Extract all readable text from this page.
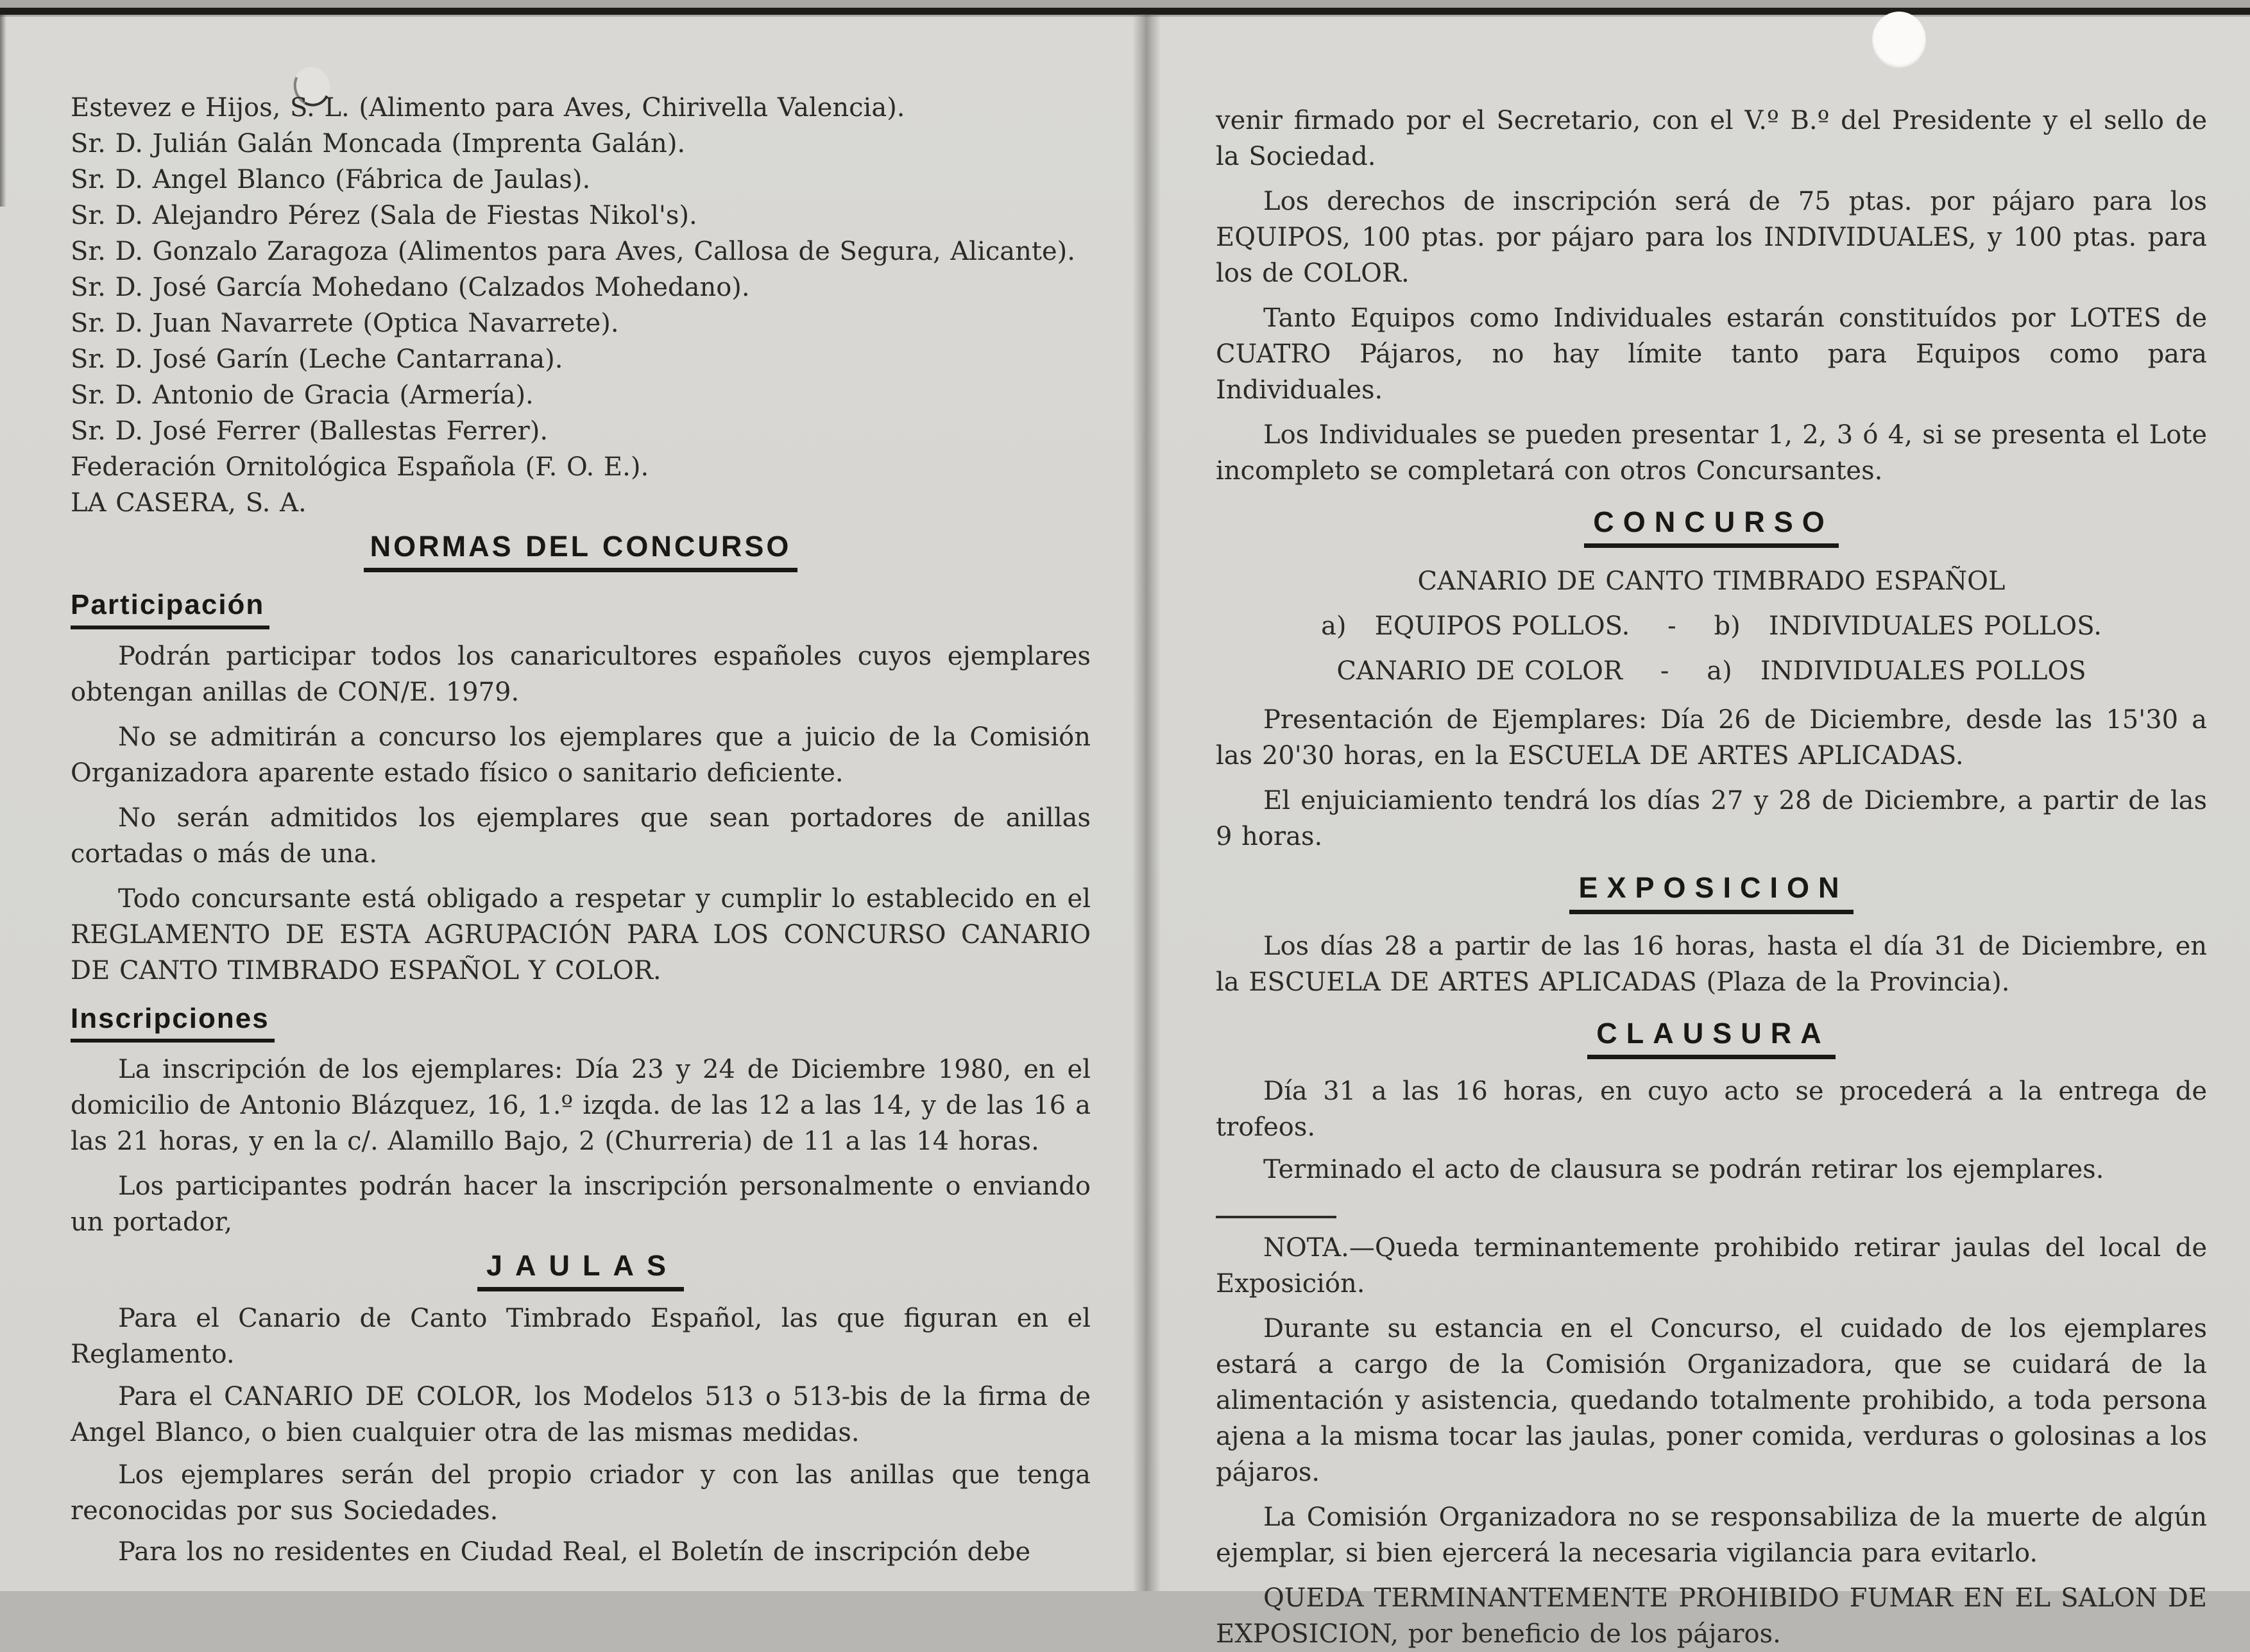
Estevez e Hijos, S. L. (Alimento para Aves, Chirivella Valencia).
Sr. D. Julián Galán Moncada (Imprenta Galán).
Sr. D. Angel Blanco (Fábrica de Jaulas).
Sr. D. Alejandro Pérez (Sala de Fiestas Nikol's).
Sr. D. Gonzalo Zaragoza (Alimentos para Aves, Callosa de Segura, Alicante).
Sr. D. José García Mohedano (Calzados Mohedano).
Sr. D. Juan Navarrete (Optica Navarrete).
Sr. D. José Garín (Leche Cantarrana).
Sr. D. Antonio de Gracia (Armería).
Sr. D. José Ferrer (Ballestas Ferrer).
Federación Ornitológica Española (F. O. E.).
LA CASERA, S. A.
NORMAS DEL CONCURSO
Participación

Podrán participar todos los canaricultores españoles cuyos ejemplares obtengan anillas de CON/E. 1979.

No se admitirán a concurso los ejemplares que a juicio de la Comisión Organizadora aparente estado físico o sanitario deficiente.

No serán admitidos los ejemplares que sean portadores de anillas cortadas o más de una.

Todo concursante está obligado a respetar y cumplir lo establecido en el REGLAMENTO DE ESTA AGRUPACIÓN PARA LOS CONCURSO CANARIO DE CANTO TIMBRADO ESPAÑOL Y COLOR.

Inscripciones

La inscripción de los ejemplares: Día 23 y 24 de Diciembre 1980, en el domicilio de Antonio Blázquez, 16, 1.º izqda. de las 12 a las 14, y de las 16 a las 21 horas, y en la c/. Alamillo Bajo, 2 (Churreria) de 11 a las 14 horas.

Los participantes podrán hacer la inscripción personalmente o enviando un portador,

JAULAS

Para el Canario de Canto Timbrado Español, las que figuran en el Reglamento.

Para el CANARIO DE COLOR, los Modelos 513 o 513-bis de la firma de Angel Blanco, o bien cualquier otra de las mismas medidas.

Los ejemplares serán del propio criador y con las anillas que tenga reconocidas por sus Sociedades.

Para los no residentes en Ciudad Real, el Boletín de inscripción debe

venir firmado por el Secretario, con el V.º B.º del Presidente y el sello de la Sociedad.

Los derechos de inscripción será de 75 ptas. por pájaro para los EQUIPOS, 100 ptas. por pájaro para los INDIVIDUALES, y 100 ptas. para los de COLOR.

Tanto Equipos como Individuales estarán constituídos por LOTES de CUATRO Pájaros, no hay límite tanto para Equipos como para Individuales.

Los Individuales se pueden presentar 1, 2, 3 ó 4, si se presenta el Lote incompleto se completará con otros Concursantes.

CONCURSO
CANARIO DE CANTO TIMBRADO ESPAÑOL
a)   EQUIPOS POLLOS.    -    b)   INDIVIDUALES POLLOS.
CANARIO DE COLOR    -    a)   INDIVIDUALES POLLOS

Presentación de Ejemplares: Día 26 de Diciembre, desde las 15'30 a las 20'30 horas, en la ESCUELA DE ARTES APLICADAS.

El enjuiciamiento tendrá los días 27 y 28 de Diciembre, a partir de las 9 horas.

EXPOSICION

Los días 28 a partir de las 16 horas, hasta el día 31 de Diciembre, en la ESCUELA DE ARTES APLICADAS (Plaza de la Provincia).

CLAUSURA

Día 31 a las 16 horas, en cuyo acto se procederá a la entrega de trofeos.

Terminado el acto de clausura se podrán retirar los ejemplares.

NOTA.—Queda terminantemente prohibido retirar jaulas del local de Exposición.

Durante su estancia en el Concurso, el cuidado de los ejemplares estará a cargo de la Comisión Organizadora, que se cuidará de la alimentación y asistencia, quedando totalmente prohibido, a toda persona ajena a la misma tocar las jaulas, poner comida, verduras o golosinas a los pájaros.

La Comisión Organizadora no se responsabiliza de la muerte de algún ejemplar, si bien ejercerá la necesaria vigilancia para evitarlo.

QUEDA TERMINANTEMENTE PROHIBIDO FUMAR EN EL SALON DE EXPOSICION, por beneficio de los pájaros.
